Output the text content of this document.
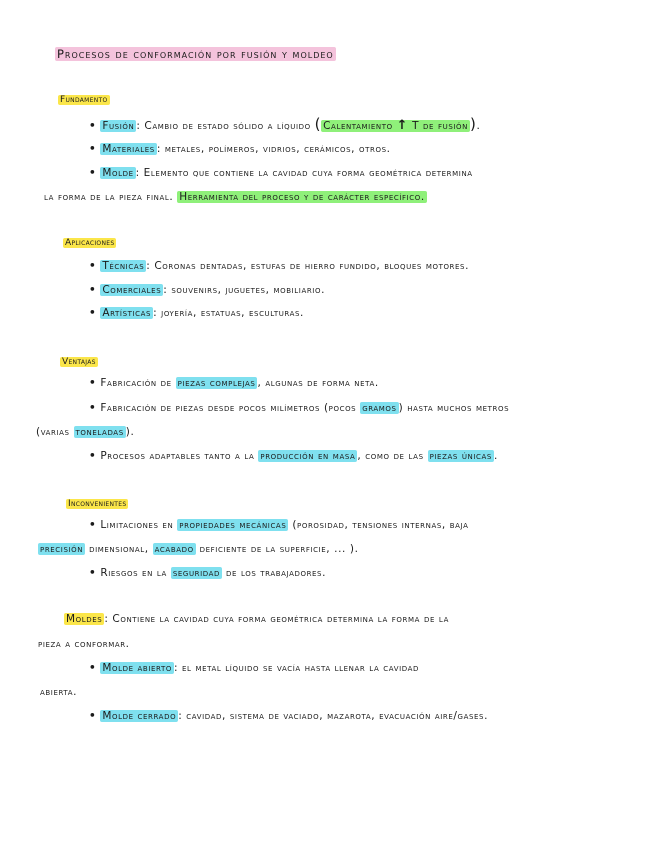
Procesos de conformación por fusión y moldeo
Fundamento
• Fusión : Cambio de estado sólido a líquido ( Calentamiento ↑ T de fusión ).
• Materiales : metales, polímeros, vidrios, cerámicos, otros.
• Molde : Elemento que contiene la cavidad cuya forma geométrica determina
la forma de la pieza final. Herramienta del proceso y de carácter específico.
Aplicaciones
• Técnicas : Coronas dentadas, estufas de hierro fundido, bloques motores.
• Comerciales : souvenirs, juguetes, mobiliario.
• Artísticas : joyería, estatuas, esculturas.
Ventajas
• Fabricación de piezas complejas , algunas de forma neta.
• Fabricación de piezas desde pocos milímetros (pocos gramos ) hasta muchos metros
(varias toneladas ).
• Procesos adaptables tanto a la producción en masa , como de las piezas únicas .
Inconvenientes
• Limitaciones en propiedades mecánicas (porosidad, tensiones internas, baja
precisión dimensional, acabado deficiente de la superficie, ... ).
• Riesgos en la seguridad de los trabajadores.
Moldes : Contiene la cavidad cuya forma geométrica determina la forma de la
pieza a conformar.
• Molde abierto : el metal líquido se vacía hasta llenar la cavidad
abierta.
• Molde cerrado : cavidad, sistema de vaciado, mazarota, evacuación aire/gases.
